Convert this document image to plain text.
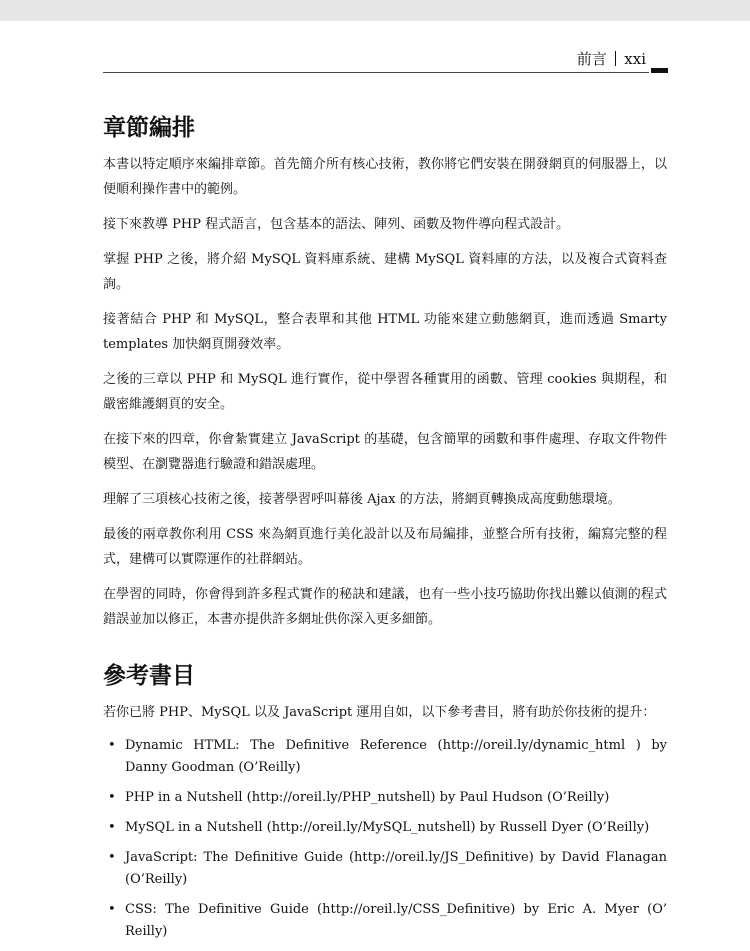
前言 xxi
章節編排

本書以特定順序來編排章節。首先簡介所有核心技術，教你將它們安裝在開發網頁的伺服器上，以便順利操作書中的範例。

接下來教導 PHP 程式語言，包含基本的語法、陣列、函數及物件導向程式設計。

掌握 PHP 之後，將介紹 MySQL 資料庫系統、建構 MySQL 資料庫的方法，以及複合式資料查詢。

接著結合 PHP 和 MySQL，整合表單和其他 HTML 功能來建立動態網頁，進而透過 Smarty templates 加快網頁開發效率。

之後的三章以 PHP 和 MySQL 進行實作，從中學習各種實用的函數、管理 cookies 與期程，和嚴密維護網頁的安全。

在接下來的四章，你會紮實建立 JavaScript 的基礎，包含簡單的函數和事件處理、存取文件物件模型、在瀏覽器進行驗證和錯誤處理。

理解了三項核心技術之後，接著學習呼叫幕後 Ajax 的方法，將網頁轉換成高度動態環境。

最後的兩章教你利用 CSS 來為網頁進行美化設計以及布局編排，並整合所有技術，編寫完整的程式，建構可以實際運作的社群網站。

在學習的同時，你會得到許多程式實作的秘訣和建議，也有一些小技巧協助你找出難以偵測的程式錯誤並加以修正，本書亦提供許多網址供你深入更多細節。

參考書目

若你已將 PHP、MySQL 以及 JavaScript 運用自如，以下參考書目，將有助於你技術的提升：

• Dynamic HTML: The Definitive Reference (http://oreil.ly/dynamic_html ) by Danny Goodman (O’Reilly)
• PHP in a Nutshell (http://oreil.ly/PHP_nutshell) by Paul Hudson (O’Reilly)
• MySQL in a Nutshell (http://oreil.ly/MySQL_nutshell) by Russell Dyer (O’Reilly)
• JavaScript: The Definitive Guide (http://oreil.ly/JS_Definitive) by David Flanagan (O’Reilly)
• CSS: The Definitive Guide (http://oreil.ly/CSS_Definitive) by Eric A. Myer (O’ Reilly)
